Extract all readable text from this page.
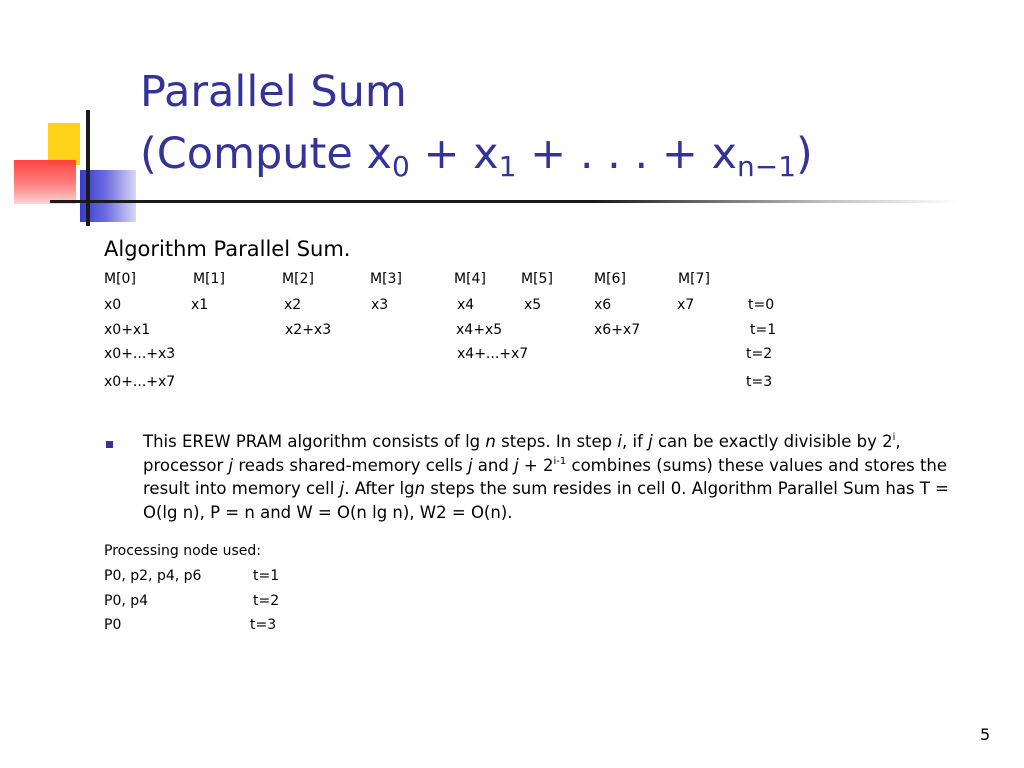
Parallel Sum
(Compute $x_0 + x_1$ + . . . + $x_{n-1}$)
Algorithm Parallel Sum.
M[0]	M[1]	M[2]	M[3]	M[4]	M[5]	M[6]	M[7]
x0	x1	x2	x3	x4	x5	x6	x7	t=0
x0+x1	x2+x3	x4+x5	x6+x7	t=1
x0+...+x3	x4+...+x7	t=2
x0+...+x7	t=3
This EREW PRAM algorithm consists of lg n steps. In step i, if j can be exactly divisible by 2$^i$, processor j reads shared-memory cells j and $j + 2^{i-1}$ combines (sums) these values and stores the result into memory cell j. After lgn steps the sum resides in cell 0. Algorithm Parallel Sum has T = O(lg n), P = n and W = O(n lg n), W2 = O(n).
Processing node used:
P0, p2, p4, p6	t=1
P0, p4	t=2
P0	t=3
5
